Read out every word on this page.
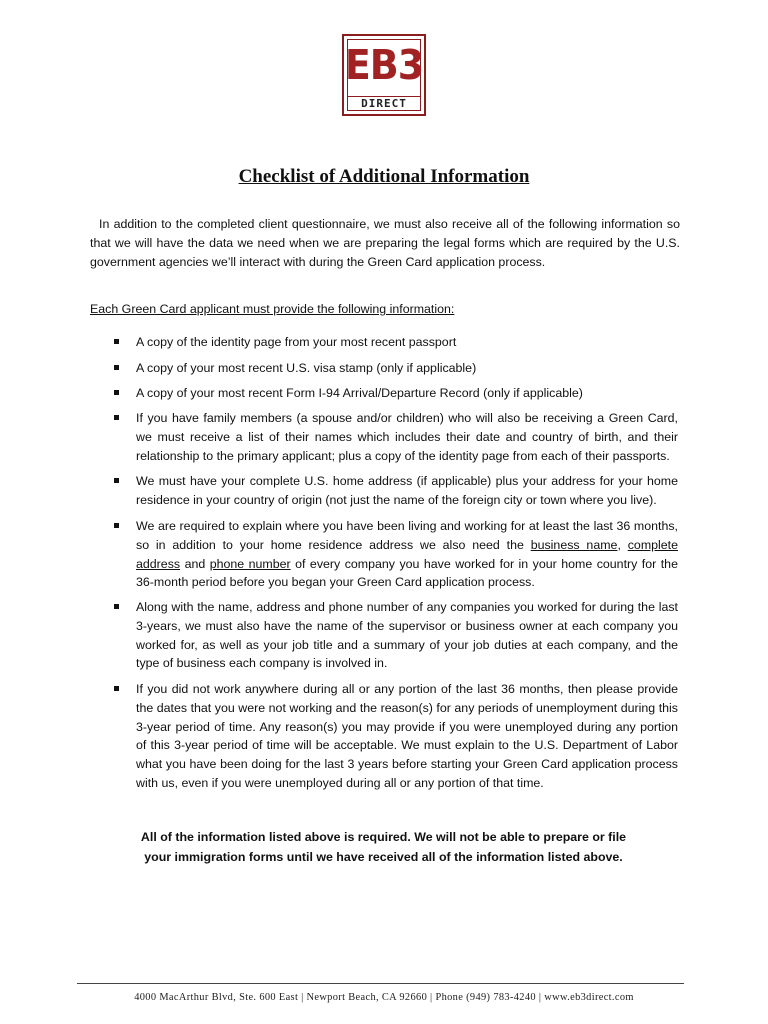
EB3
DIRECT
Checklist of Additional Information

In addition to the completed client questionnaire, we must also receive all of the following information so that we will have the data we need when we are preparing the legal forms which are required by the U.S. government agencies we’ll interact with during the Green Card application process.

Each Green Card applicant must provide the following information:

A copy of the identity page from your most recent passport
A copy of your most recent U.S. visa stamp (only if applicable)
A copy of your most recent Form I-94 Arrival/Departure Record (only if applicable)
If you have family members (a spouse and/or children) who will also be receiving a Green Card, we must receive a list of their names which includes their date and country of birth, and their relationship to the primary applicant; plus a copy of the identity page from each of their passports.
We must have your complete U.S. home address (if applicable) plus your address for your home residence in your country of origin (not just the name of the foreign city or town where you live).
We are required to explain where you have been living and working for at least the last 36 months, so in addition to your home residence address we also need the business name, complete address and phone number of every company you have worked for in your home country for the 36-month period before you began your Green Card application process.
Along with the name, address and phone number of any companies you worked for during the last 3-years, we must also have the name of the supervisor or business owner at each company you worked for, as well as your job title and a summary of your job duties at each company, and the type of business each company is involved in.
If you did not work anywhere during all or any portion of the last 36 months, then please provide the dates that you were not working and the reason(s) for any periods of unemployment during this 3-year period of time. Any reason(s) you may provide if you were unemployed during any portion of this 3-year period of time will be acceptable. We must explain to the U.S. Department of Labor what you have been doing for the last 3 years before starting your Green Card application process with us, even if you were unemployed during all or any portion of that time.
All of the information listed above is required. We will not be able to prepare or file
your immigration forms until we have received all of the information listed above.
4000 MacArthur Blvd, Ste. 600 East | Newport Beach, CA 92660 | Phone (949) 783-4240 | www.eb3direct.com
